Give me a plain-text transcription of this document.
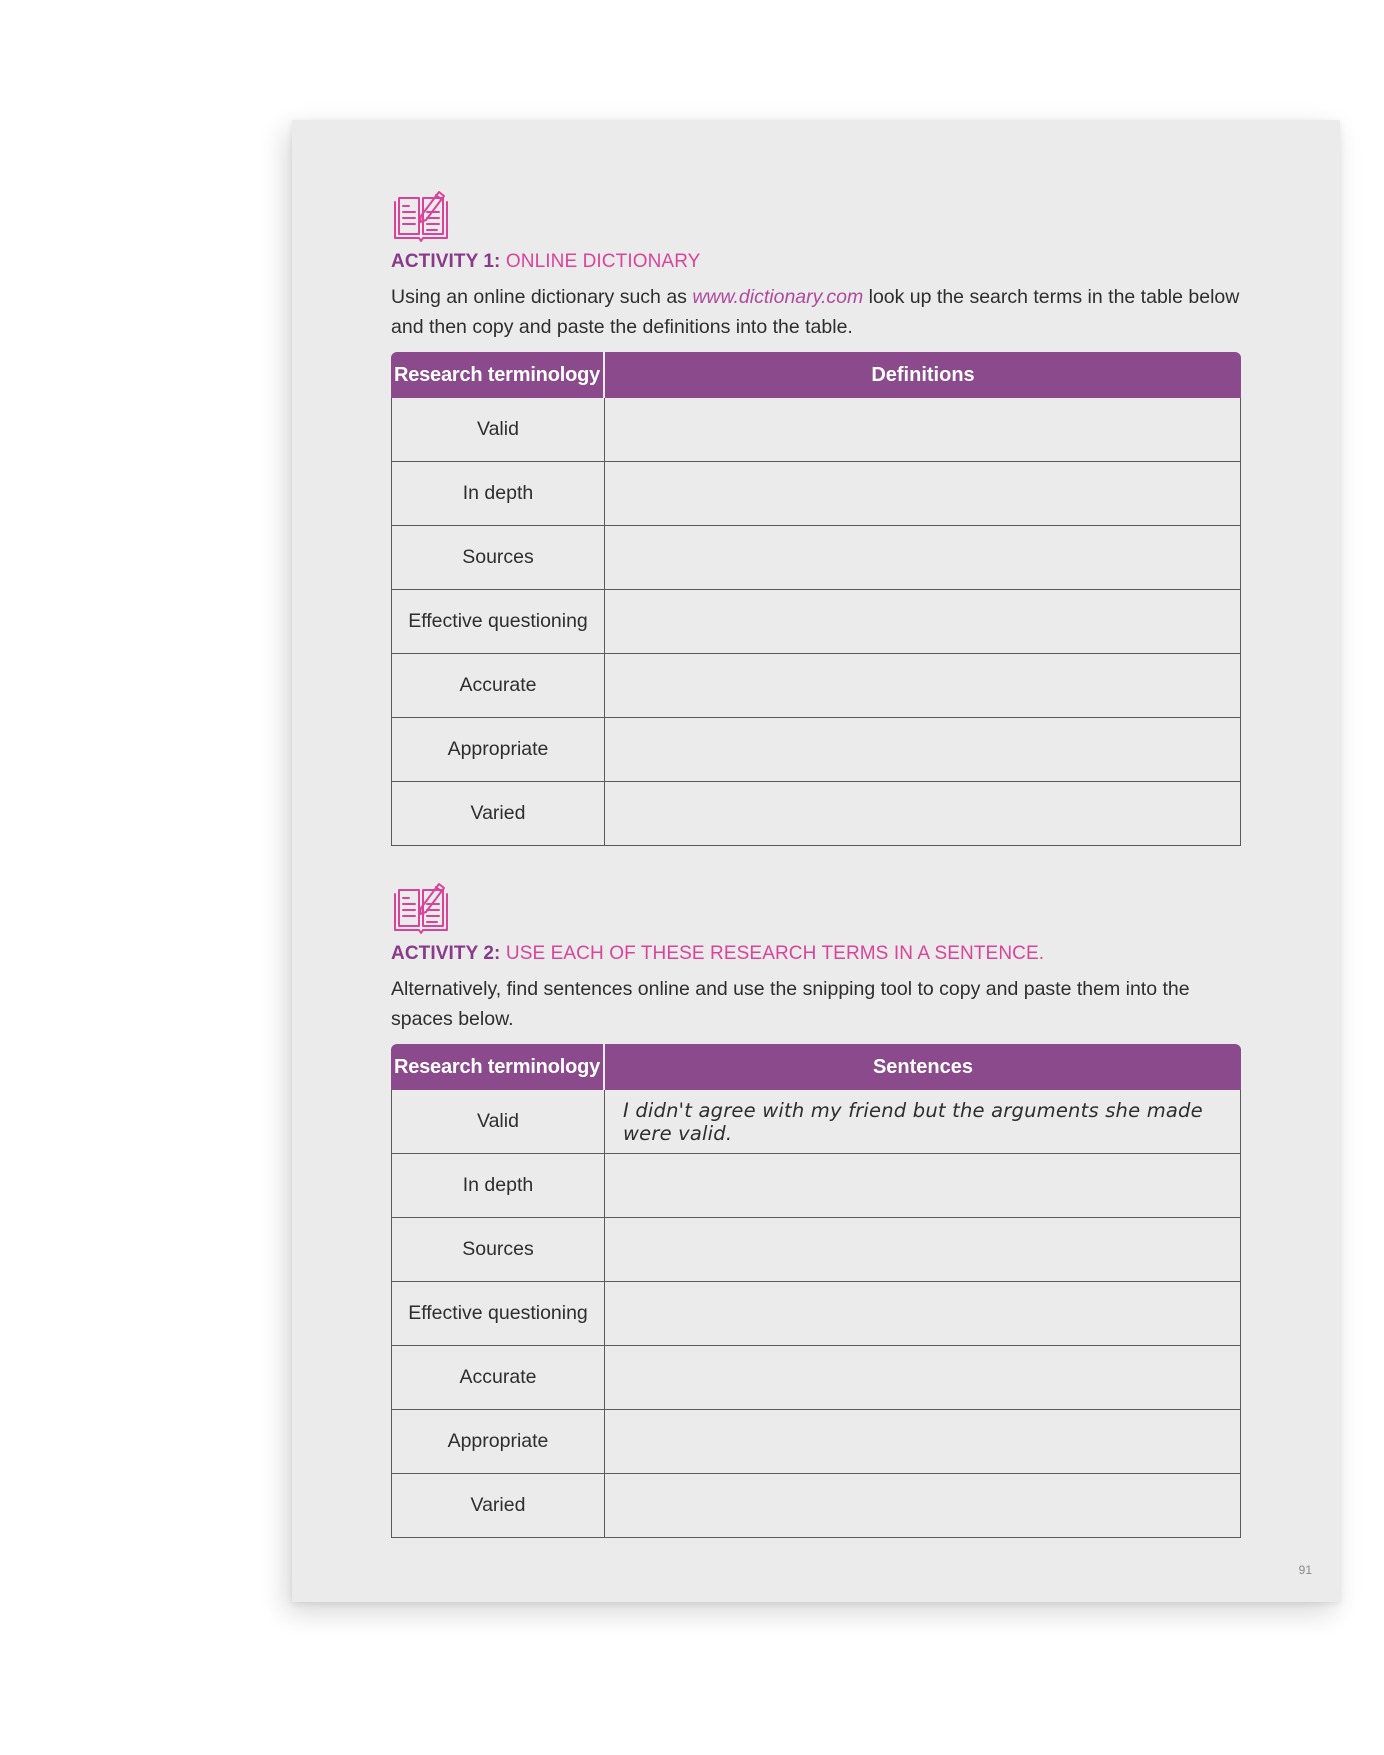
ACTIVITY 1: ONLINE DICTIONARY
Using an online dictionary such as www.dictionary.com look up the search terms in the table below and then copy and paste the definitions into the table.
Research terminology	Definitions
Valid	
In depth	
Sources	
Effective questioning	
Accurate	
Appropriate	
Varied	
ACTIVITY 2: USE EACH OF THESE RESEARCH TERMS IN A SENTENCE.
Alternatively, find sentences online and use the snipping tool to copy and paste them into the spaces below.
Research terminology	Sentences
Valid	I didn't agree with my friend but the arguments she made were valid.
In depth	
Sources	
Effective questioning	
Accurate	
Appropriate	
Varied	
91
